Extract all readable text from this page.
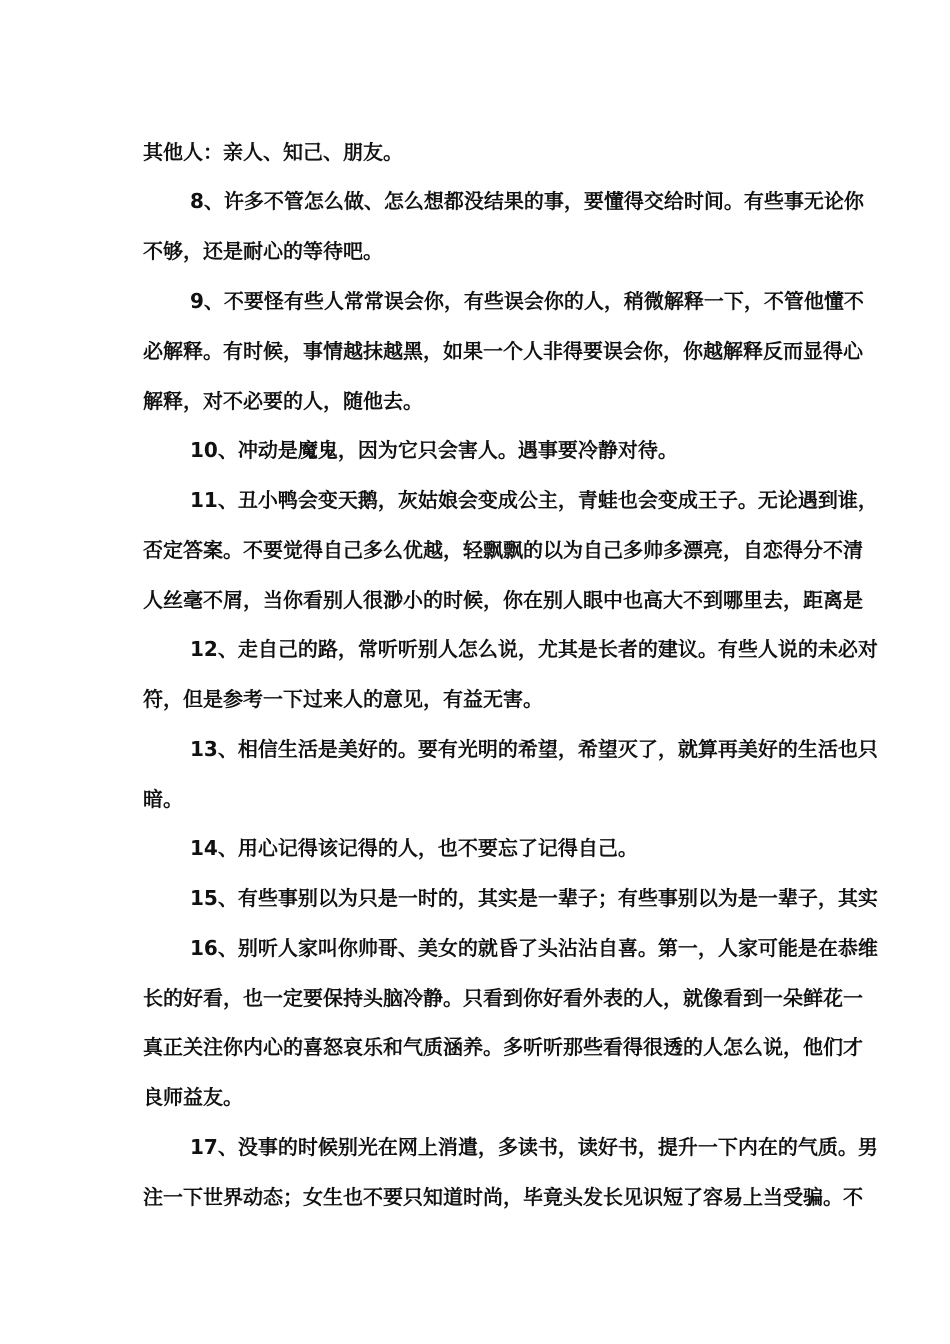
其他人：亲人、知己、朋友。
8、许多不管怎么做、怎么想都没结果的事，要懂得交给时间。有些事无论你
不够，还是耐心的等待吧。
9、不要怪有些人常常误会你，有些误会你的人，稍微解释一下，不管他懂不
必解释。有时候，事情越抹越黑，如果一个人非得要误会你，你越解释反而显得心
解释，对不必要的人，随他去。
10、冲动是魔鬼，因为它只会害人。遇事要冷静对待。
11、丑小鸭会变天鹅，灰姑娘会变成公主，青蛙也会变成王子。无论遇到谁，
否定答案。不要觉得自己多么优越，轻飘飘的以为自己多帅多漂亮，自恋得分不清
人丝毫不屑，当你看别人很渺小的时候，你在别人眼中也高大不到哪里去，距离是
12、走自己的路，常听听别人怎么说，尤其是长者的建议。有些人说的未必对
符，但是参考一下过来人的意见，有益无害。
13、相信生活是美好的。要有光明的希望，希望灭了，就算再美好的生活也只
暗。
14、用心记得该记得的人，也不要忘了记得自己。
15、有些事别以为只是一时的，其实是一辈子；有些事别以为是一辈子，其实
16、别听人家叫你帅哥、美女的就昏了头沾沾自喜。第一，人家可能是在恭维
长的好看，也一定要保持头脑冷静。只看到你好看外表的人，就像看到一朵鲜花一
真正关注你内心的喜怒哀乐和气质涵养。多听听那些看得很透的人怎么说，他们才
良师益友。
17、没事的时候别光在网上消遣，多读书，读好书，提升一下内在的气质。男
注一下世界动态；女生也不要只知道时尚，毕竟头发长见识短了容易上当受骗。不
